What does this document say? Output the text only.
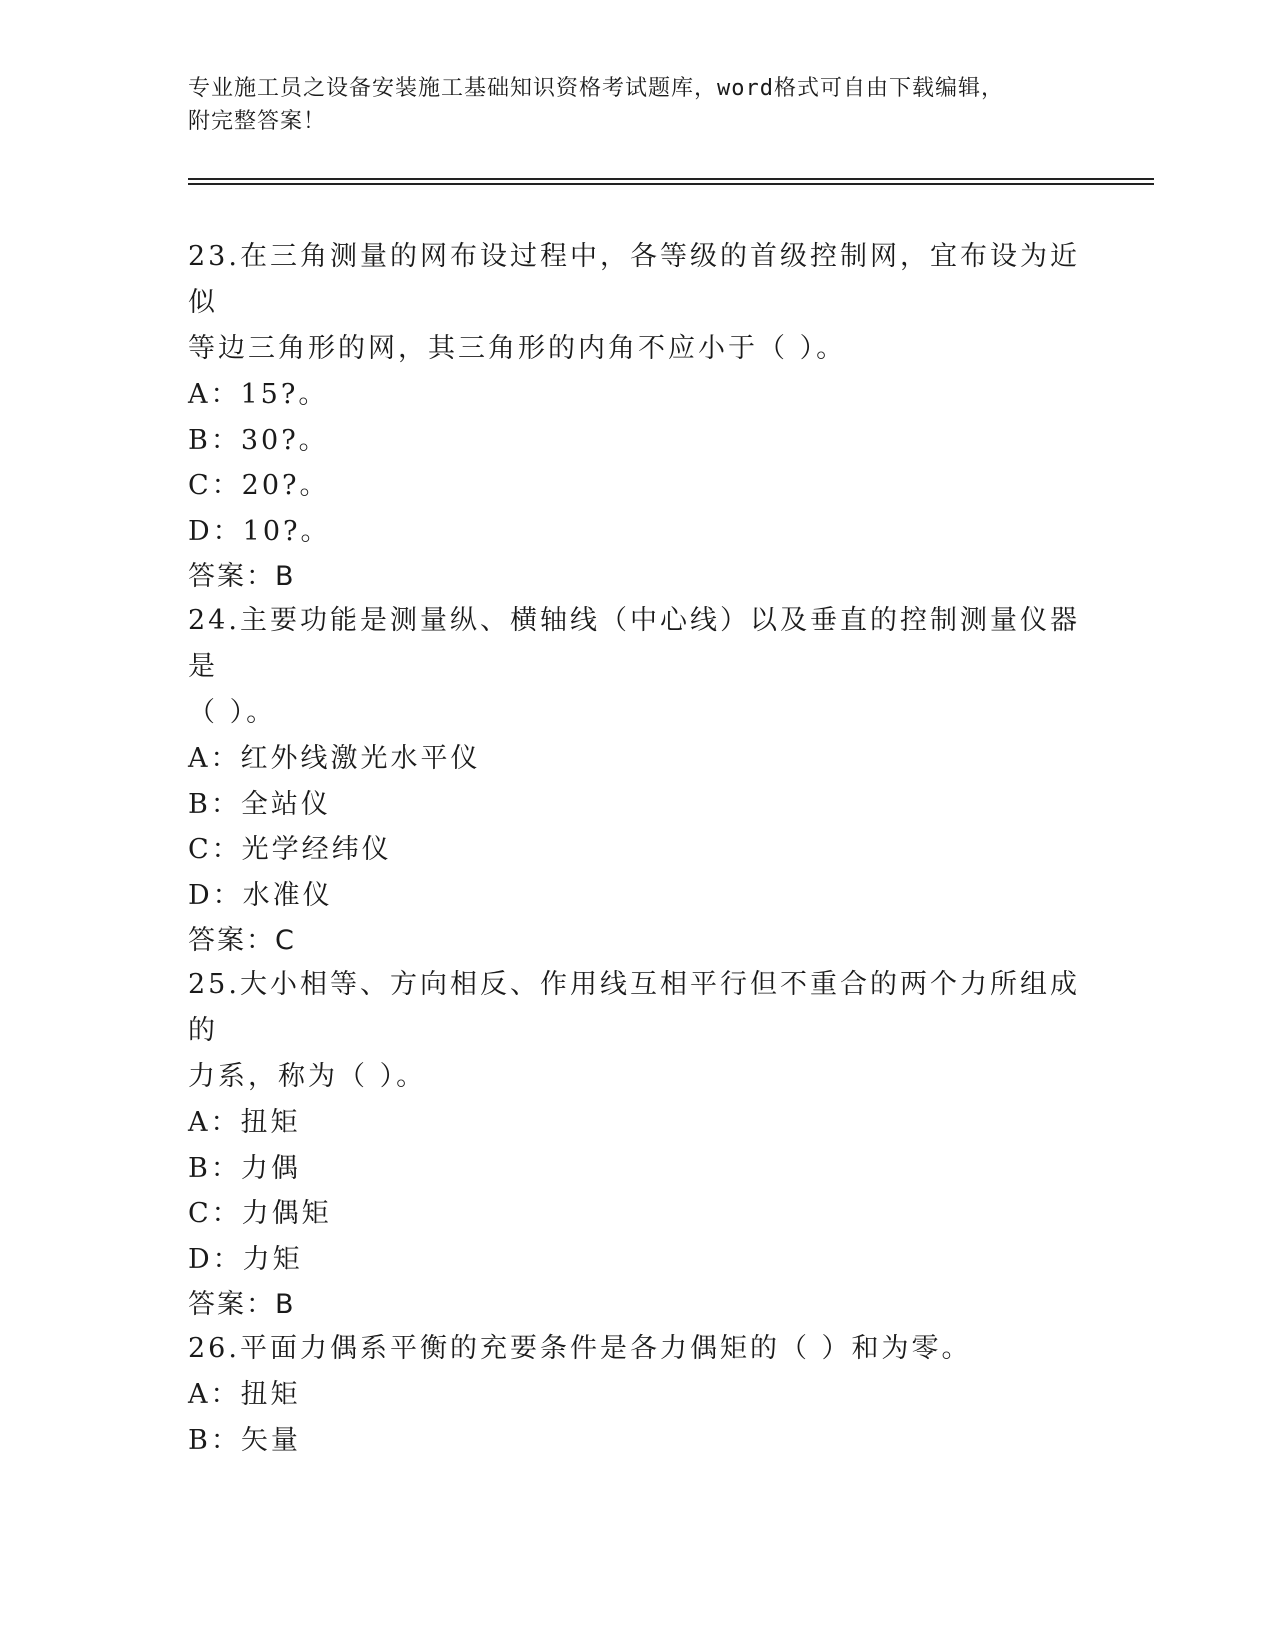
专业施工员之设备安装施工基础知识资格考试题库，word格式可自由下载编辑，
附完整答案！

23.在三角测量的网布设过程中，各等级的首级控制网，宜布设为近似

等边三角形的网，其三角形的内角不应小于（ ）。

A：15?。

B：30?。

C：20?。

D：10?。

答案：B

24.主要功能是测量纵、横轴线（中心线）以及垂直的控制测量仪器是

（ ）。

A：红外线激光水平仪

B：全站仪

C：光学经纬仪

D：水准仪

答案：C

25.大小相等、方向相反、作用线互相平行但不重合的两个力所组成的

力系，称为（ ）。

A：扭矩

B：力偶

C：力偶矩

D：力矩

答案：B

26.平面力偶系平衡的充要条件是各力偶矩的（ ）和为零。

A：扭矩

B：矢量
